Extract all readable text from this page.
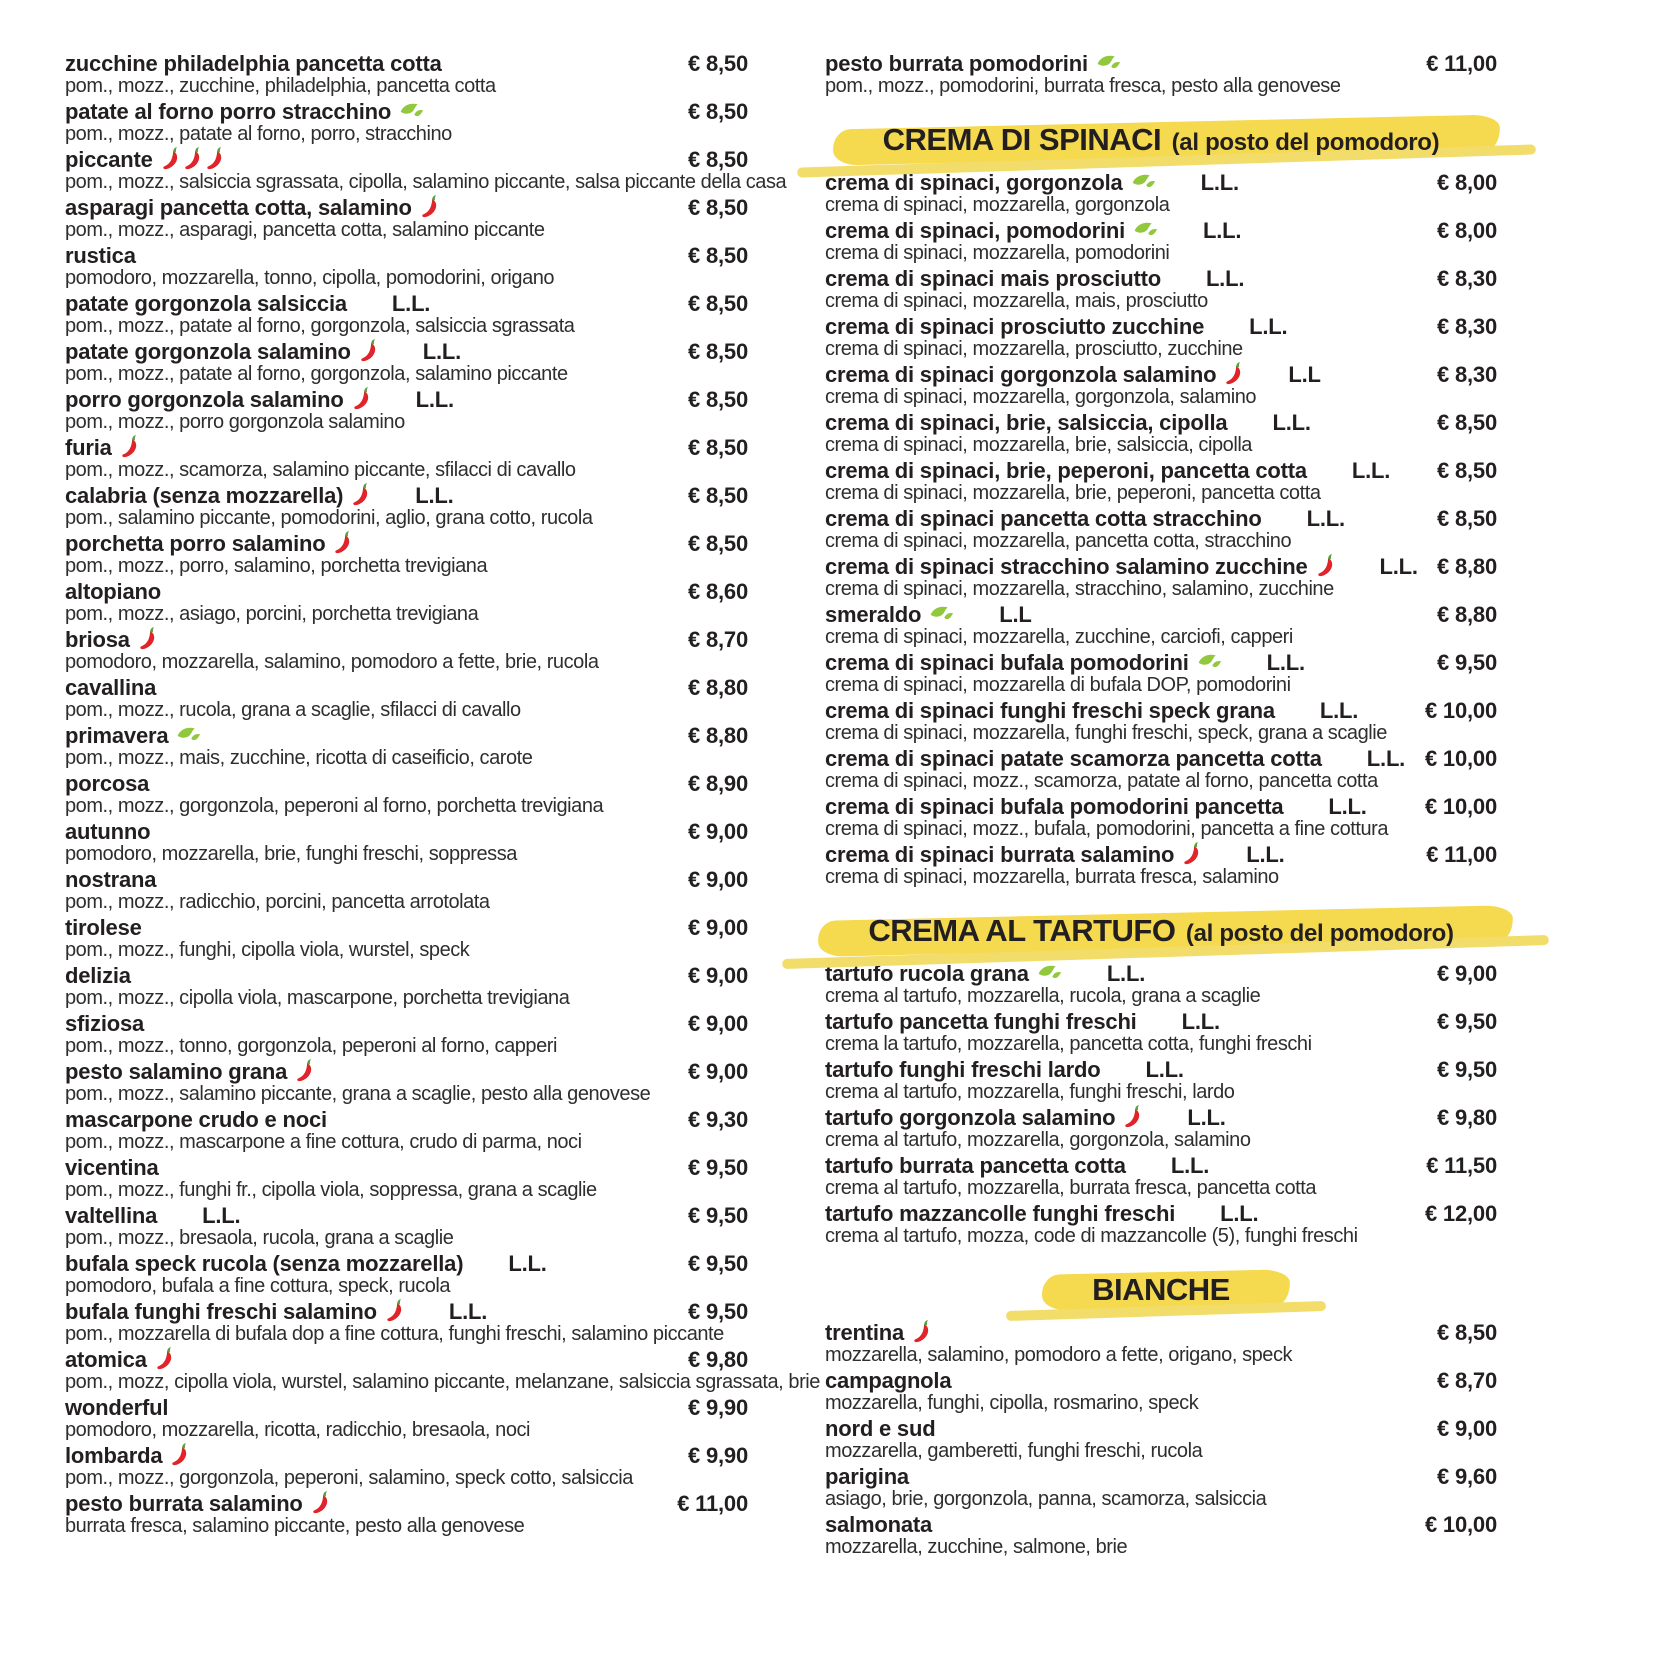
zucchine philadelphia pancetta cotta	€ 8,50
pom., mozz., zucchine, philadelphia, pancetta cotta
patate al forno porro stracchino	€ 8,50
pom., mozz., patate al forno, porro, stracchino
piccante	€ 8,50
pom., mozz., salsiccia sgrassata, cipolla, salamino piccante, salsa piccante della casa
asparagi pancetta cotta, salamino	€ 8,50
pom., mozz., asparagi, pancetta cotta, salamino piccante
rustica	€ 8,50
pomodoro, mozzarella, tonno, cipolla, pomodorini, origano
patate gorgonzola salsiccia L.L.	€ 8,50
pom., mozz., patate al forno, gorgonzola, salsiccia sgrassata
patate gorgonzola salamino	L.L.	€ 8,50
pom., mozz., patate al forno, gorgonzola, salamino piccante
porro gorgonzola salamino	L.L.	€ 8,50
pom., mozz., porro gorgonzola salamino
furia	€ 8,50
pom., mozz., scamorza, salamino piccante, sfilacci di cavallo
calabria (senza mozzarella)	L.L.	€ 8,50
pom., salamino piccante, pomodorini, aglio, grana cotto, rucola
porchetta porro salamino	€ 8,50
pom., mozz., porro, salamino, porchetta trevigiana
altopiano	€ 8,60
pom., mozz., asiago, porcini, porchetta trevigiana
briosa	€ 8,70
pomodoro, mozzarella, salamino, pomodoro a fette, brie, rucola
cavallina	€ 8,80
pom., mozz., rucola, grana a scaglie, sfilacci di cavallo
primavera	€ 8,80
pom., mozz., mais, zucchine, ricotta di caseificio, carote
porcosa	€ 8,90
pom., mozz., gorgonzola, peperoni al forno, porchetta trevigiana
autunno	€ 9,00
pomodoro, mozzarella, brie, funghi freschi, soppressa
nostrana	€ 9,00
pom., mozz., radicchio, porcini, pancetta arrotolata
tirolese	€ 9,00
pom., mozz., funghi, cipolla viola, wurstel, speck
delizia	€ 9,00
pom., mozz., cipolla viola, mascarpone, porchetta trevigiana
sfiziosa	€ 9,00
pom., mozz., tonno, gorgonzola, peperoni al forno, capperi
pesto salamino grana	€ 9,00
pom., mozz., salamino piccante, grana a scaglie, pesto alla genovese
mascarpone crudo e noci	€ 9,30
pom., mozz., mascarpone a fine cottura, crudo di parma, noci
vicentina	€ 9,50
pom., mozz., funghi fr., cipolla viola, soppressa, grana a scaglie
valtellina L.L.	€ 9,50
pom., mozz., bresaola, rucola, grana a scaglie
bufala speck rucola (senza mozzarella) L.L.	€ 9,50
pomodoro, bufala a fine cottura, speck, rucola
bufala funghi freschi salamino	L.L.	€ 9,50
pom., mozzarella di bufala dop a fine cottura, funghi freschi, salamino piccante
atomica	€ 9,80
pom., mozz, cipolla viola, wurstel, salamino piccante, melanzane, salsiccia sgrassata, brie
wonderful	€ 9,90
pomodoro, mozzarella, ricotta, radicchio, bresaola, noci
lombarda	€ 9,90
pom., mozz., gorgonzola, peperoni, salamino, speck cotto, salsiccia
pesto burrata salamino	€ 11,00
burrata fresca, salamino piccante, pesto alla genovese
pesto burrata pomodorini	€ 11,00
pom., mozz., pomodorini, burrata fresca, pesto alla genovese
CREMA DI SPINACI (al posto del pomodoro)
crema di spinaci, gorgonzola	L.L.	€ 8,00
crema di spinaci, mozzarella, gorgonzola
crema di spinaci, pomodorini	L.L.	€ 8,00
crema di spinaci, mozzarella, pomodorini
crema di spinaci mais prosciutto L.L.	€ 8,30
crema di spinaci, mozzarella, mais, prosciutto
crema di spinaci prosciutto zucchine L.L.	€ 8,30
crema di spinaci, mozzarella, prosciutto, zucchine
crema di spinaci gorgonzola salamino	L.L	€ 8,30
crema di spinaci, mozzarella, gorgonzola, salamino
crema di spinaci, brie, salsiccia, cipolla L.L.	€ 8,50
crema di spinaci, mozzarella, brie, salsiccia, cipolla
crema di spinaci, brie, peperoni, pancetta cotta L.L. € 8,50
crema di spinaci, mozzarella, brie, peperoni, pancetta cotta
crema di spinaci pancetta cotta stracchino L.L.	€ 8,50
crema di spinaci, mozzarella, pancetta cotta, stracchino
crema di spinaci stracchino salamino zucchine	L.L. € 8,80
crema di spinaci, mozzarella, stracchino, salamino, zucchine
smeraldo	L.L	€ 8,80
crema di spinaci, mozzarella, zucchine, carciofi, capperi
crema di spinaci bufala pomodorini	L.L.	€ 9,50
crema di spinaci, mozzarella di bufala DOP, pomodorini
crema di spinaci funghi freschi speck grana L.L.	€ 10,00
crema di spinaci, mozzarella, funghi freschi, speck, grana a scaglie
crema di spinaci patate scamorza pancetta cotta L.L. € 10,00
crema di spinaci, mozz., scamorza, patate al forno, pancetta cotta
crema di spinaci bufala pomodorini pancetta L.L.	€ 10,00
crema di spinaci, mozz., bufala, pomodorini, pancetta a fine cottura
crema di spinaci burrata salamino	L.L.	€ 11,00
crema di spinaci, mozzarella, burrata fresca, salamino
CREMA AL TARTUFO (al posto del pomodoro)
tartufo rucola grana	L.L.	€ 9,00
crema al tartufo, mozzarella, rucola, grana a scaglie
tartufo pancetta funghi freschi L.L.	€ 9,50
crema la tartufo, mozzarella, pancetta cotta, funghi freschi
tartufo funghi freschi lardo L.L.	€ 9,50
crema al tartufo, mozzarella, funghi freschi, lardo
tartufo gorgonzola salamino	L.L.	€ 9,80
crema al tartufo, mozzarella, gorgonzola, salamino
tartufo burrata pancetta cotta L.L.	€ 11,50
crema al tartufo, mozzarella, burrata fresca, pancetta cotta
tartufo mazzancolle funghi freschi L.L.	€ 12,00
crema al tartufo, mozza, code di mazzancolle (5), funghi freschi
BIANCHE
trentina	€ 8,50
mozzarella, salamino, pomodoro a fette, origano, speck
campagnola	€ 8,70
mozzarella, funghi, cipolla, rosmarino, speck
nord e sud	€ 9,00
mozzarella, gamberetti, funghi freschi, rucola
parigina	€ 9,60
asiago, brie, gorgonzola, panna, scamorza, salsiccia
salmonata	€ 10,00
mozzarella, zucchine, salmone, brie
